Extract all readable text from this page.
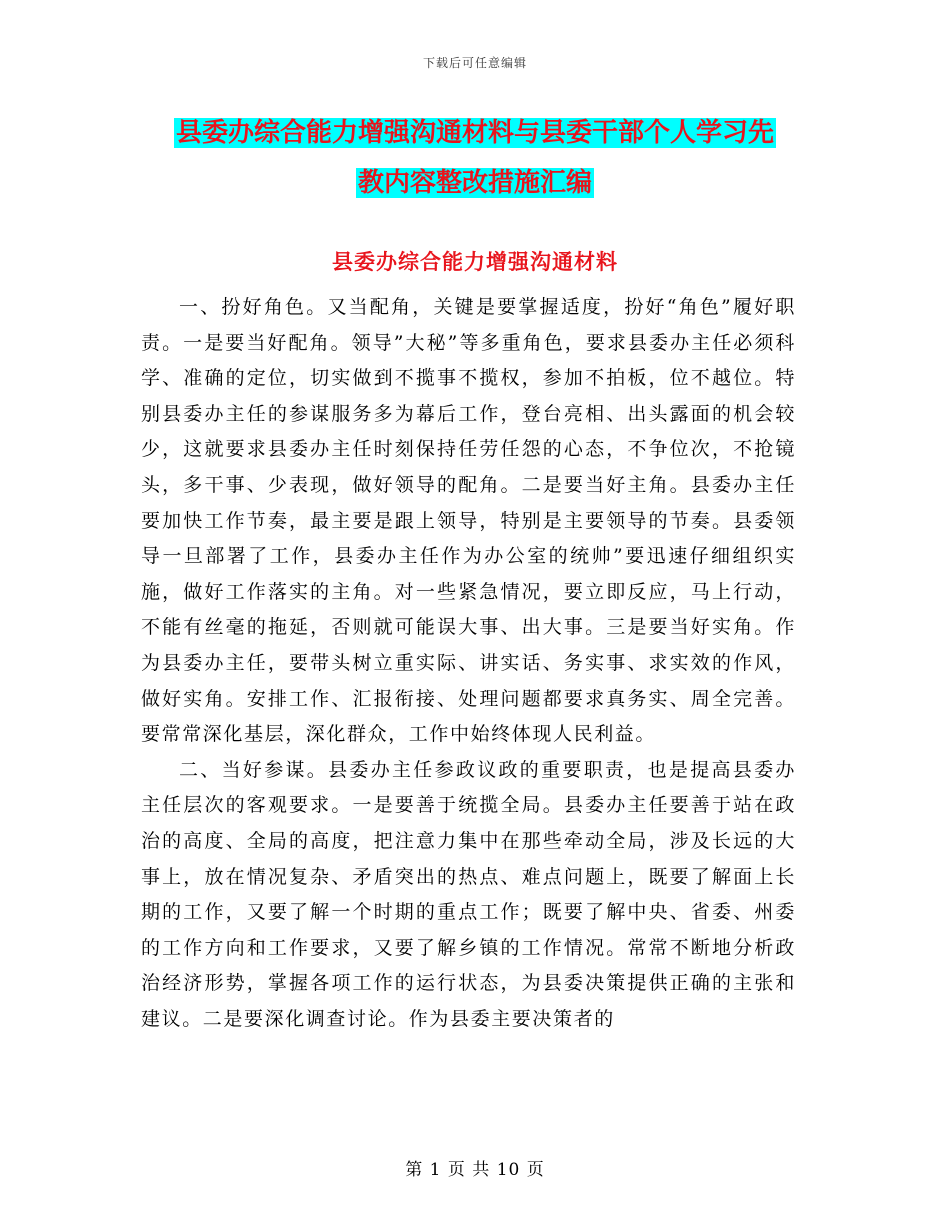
下载后可任意编辑
县委办综合能力增强沟通材料与县委干部个人学习先
教内容整改措施汇编
县委办综合能力增强沟通材料

一、扮好角色。又当配角，关键是要掌握适度，扮好“角色”履好职责。一是要当好配角。领导”大秘”等多重角色，要求县委办主任必须科学、准确的定位，切实做到不揽事不揽权，参加不拍板，位不越位。特别县委办主任的参谋服务多为幕后工作，登台亮相、出头露面的机会较少，这就要求县委办主任时刻保持任劳任怨的心态，不争位次，不抢镜头，多干事、少表现，做好领导的配角。二是要当好主角。县委办主任要加快工作节奏，最主要是跟上领导，特别是主要领导的节奏。县委领导一旦部署了工作，县委办主任作为办公室的统帅”要迅速仔细组织实施，做好工作落实的主角。对一些紧急情况，要立即反应，马上行动，不能有丝毫的拖延，否则就可能误大事、出大事。三是要当好实角。作为县委办主任，要带头树立重实际、讲实话、务实事、求实效的作风，做好实角。安排工作、汇报衔接、处理问题都要求真务实、周全完善。要常常深化基层，深化群众，工作中始终体现人民利益。

二、当好参谋。县委办主任参政议政的重要职责，也是提高县委办主任层次的客观要求。一是要善于统揽全局。县委办主任要善于站在政治的高度、全局的高度，把注意力集中在那些牵动全局，涉及长远的大事上，放在情况复杂、矛盾突出的热点、难点问题上，既要了解面上长期的工作，又要了解一个时期的重点工作；既要了解中央、省委、州委的工作方向和工作要求，又要了解乡镇的工作情况。常常不断地分析政治经济形势，掌握各项工作的运行状态，为县委决策提供正确的主张和建议。二是要深化调查讨论。作为县委主要决策者的

第 1 页 共 10 页
